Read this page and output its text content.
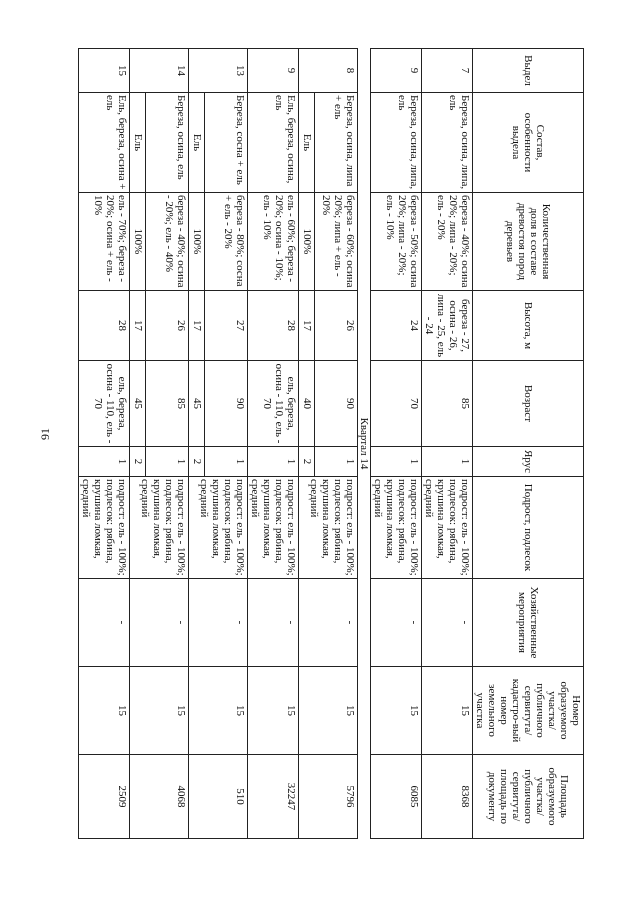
91
Выдел	Состав, особенности выдела	Количественная доля в составе древостоя пород деревьев	Высота, м	Возраст	Ярус	Подрост, подлесок	Хозяйственные мероприятия	Номер образуемого участка/ публичного сервитута/кадастро-вый номер земельного участка	Площадь образуемого участка/ публичного сервитута/площадь по документу
7	Береза, осина, липа, ель	береза - 40%; осина 20%; липа - 20%; ель - 20%	береза - 27, осина - 26, липа - 25, ель - 24	85	1	подрост: ель - 100%; подлесок: рябина, крушина ломкая, средний	-	15	8368
9	Береза, осина, липа, ель	береза - 50%; осина 20%; липа - 20%; ель - 10%	24	70	1	подрост: ель - 100%; подлесок: рябина, крушина ломкая, средний	-	15	6085
Квартал 14									
8	Береза, осина, липа + ель	береза - 60%; осина 20%; липа + ель - 20%	26	90	1	подрост: ель - 100%; подлесок: рябина, крушина ломкая, средний	-	15	5796
	Ель	100%	17	40	2				
9	Ель, береза, осина, ель	ель - 60%; береза - 20%; осина - 10%; ель - 10%	28	ель, береза, осина - 110, ель - 70	1	подрост: ель - 100%; подлесок: рябина, крушина ломкая, средний	-	15	32247
13	Береза, сосна + ель	береза - 80%; сосна + ель - 20%	27	90	1	подрост: ель - 100%; подлесок: рябина, крушина ломкая, средний	-	15	510
	Ель	100%	17	45	2				
14	Береза, осина, ель	береза - 40%; осина - 20%; ель - 40%	26	85	1	подрост: ель - 100%; подлесок: рябина, крушина ломкая, средний	-	15	4068
	Ель	100%	17	45	2				
15	Ель, береза, осина + ель	ель - 70%; береза - 20%; осина + ель - 10%	28	ель, береза, осина - 110, ель - 70	1	подрост: ель - 100%; подлесок: рябина, крушина ломкая, средний	-	15	2509
